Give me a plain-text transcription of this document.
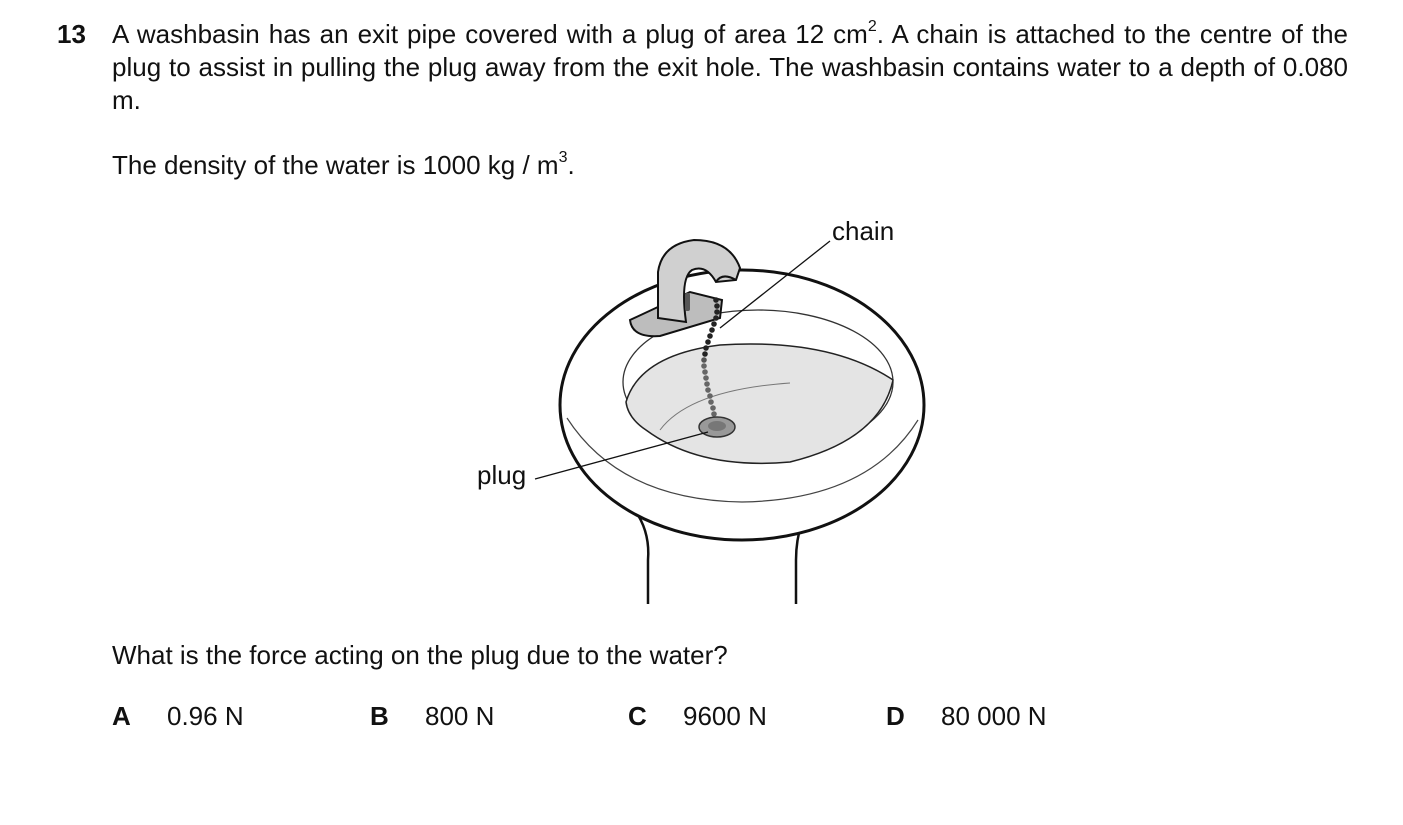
13 A washbasin has an exit pipe covered with a plug of area 12 $cm^2$. A chain is attached to the centre of the plug to assist in pulling the plug away from the exit hole. The washbasin contains water to a depth of 0.080 m.
The density of the water is 1000 kg / $m^3$.
chain
plug
What is the force acting on the plug due to the water?
A 0.96 N	B 800 N	C 9600 N	D 80 000 N
